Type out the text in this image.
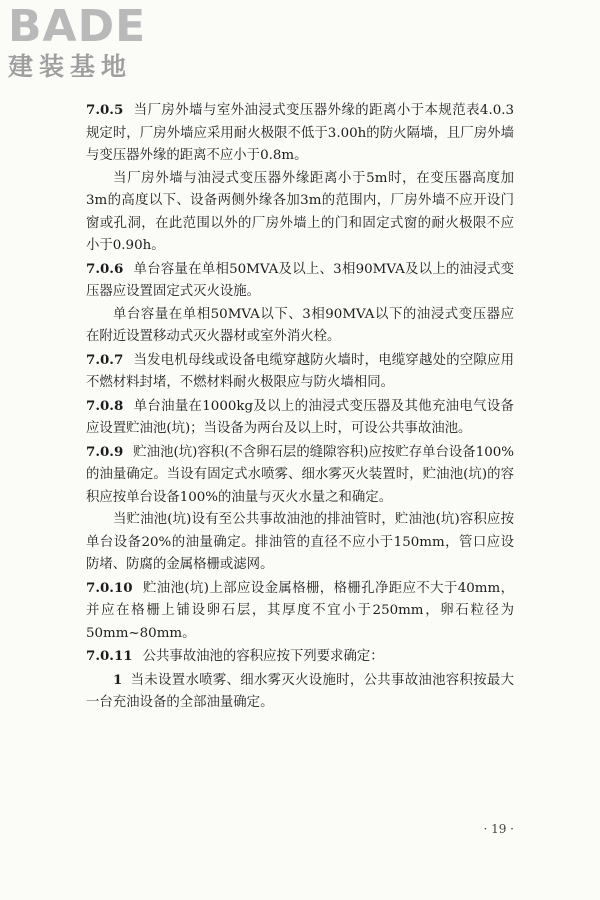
BADE
建装基地

7.0.5 当厂房外墙与室外油浸式变压器外缘的距离小于本规范表4.0.3规定时，厂房外墙应采用耐火极限不低于3.00h的防火隔墙，且厂房外墙与变压器外缘的距离不应小于0.8m。

当厂房外墙与油浸式变压器外缘距离小于5m时，在变压器高度加3m的高度以下、设备两侧外缘各加3m的范围内，厂房外墙不应开设门窗或孔洞，在此范围以外的厂房外墙上的门和固定式窗的耐火极限不应小于0.90h。

7.0.6 单台容量在单相50MVA及以上、3相90MVA及以上的油浸式变压器应设置固定式灭火设施。

单台容量在单相50MVA以下、3相90MVA以下的油浸式变压器应在附近设置移动式灭火器材或室外消火栓。

7.0.7 当发电机母线或设备电缆穿越防火墙时，电缆穿越处的空隙应用不燃材料封堵，不燃材料耐火极限应与防火墙相同。

7.0.8 单台油量在1000kg及以上的油浸式变压器及其他充油电气设备应设置贮油池(坑)；当设备为两台及以上时，可设公共事故油池。

7.0.9 贮油池(坑)容积(不含卵石层的缝隙容积)应按贮存单台设备100%的油量确定。当设有固定式水喷雾、细水雾灭火装置时，贮油池(坑)的容积应按单台设备100%的油量与灭火水量之和确定。

当贮油池(坑)设有至公共事故油池的排油管时，贮油池(坑)容积应按单台设备20%的油量确定。排油管的直径不应小于150mm，管口应设防堵、防腐的金属格栅或滤网。

7.0.10 贮油池(坑)上部应设金属格栅，格栅孔净距应不大于40mm，并应在格栅上铺设卵石层，其厚度不宜小于250mm，卵石粒径为50mm~80mm。

7.0.11 公共事故油池的容积应按下列要求确定：

1 当未设置水喷雾、细水雾灭火设施时，公共事故油池容积按最大一台充油设备的全部油量确定。

· 19 ·
